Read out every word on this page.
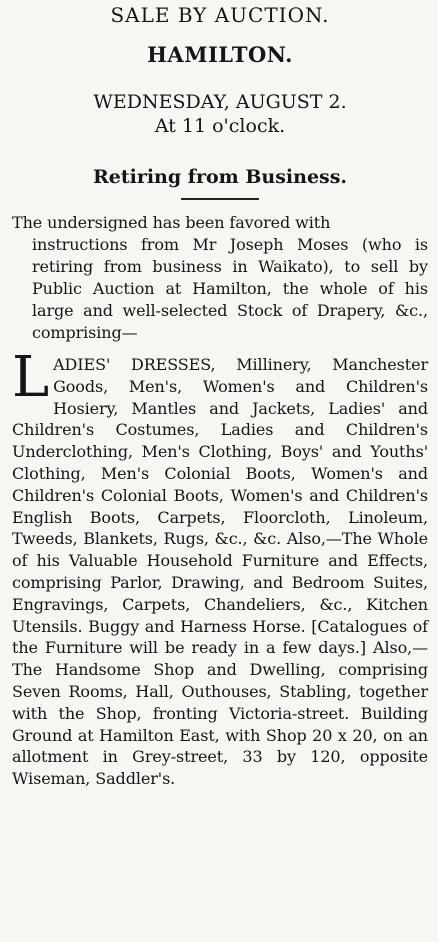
SALE BY AUCTION.
HAMILTON.
WEDNESDAY, AUGUST 2.
At 11 o'clock.
Retiring from Business.
The undersigned has been favored with
instructions from Mr Joseph Moses (who is retiring from business in Waikato), to sell by Public Auction at Hamilton, the whole of his large and well-selected Stock of Drapery, &c., comprising—
LADIES' DRESSES, Millinery, Manchester Goods, Men's, Women's and Children's Hosiery, Mantles and Jackets, Ladies' and Children's Costumes, Ladies and Children's Underclothing, Men's Clothing, Boys' and Youths' Clothing, Men's Colonial Boots, Women's and Children's Colonial Boots, Women's and Children's English Boots, Carpets, Floorcloth, Linoleum, Tweeds, Blankets, Rugs, &c., &c. Also,—The Whole of his Valuable Household Furniture and Effects, comprising Parlor, Drawing, and Bedroom Suites, Engravings, Carpets, Chandeliers, &c., Kitchen Utensils. Buggy and Harness Horse. [Catalogues of the Furniture will be ready in a few days.] Also,—The Handsome Shop and Dwelling, comprising Seven Rooms, Hall, Outhouses, Stabling, together with the Shop, fronting Victoria-street. Building Ground at Hamilton East, with Shop 20 x 20, on an allotment in Grey-street, 33 by 120, opposite Wiseman, Saddler's.
